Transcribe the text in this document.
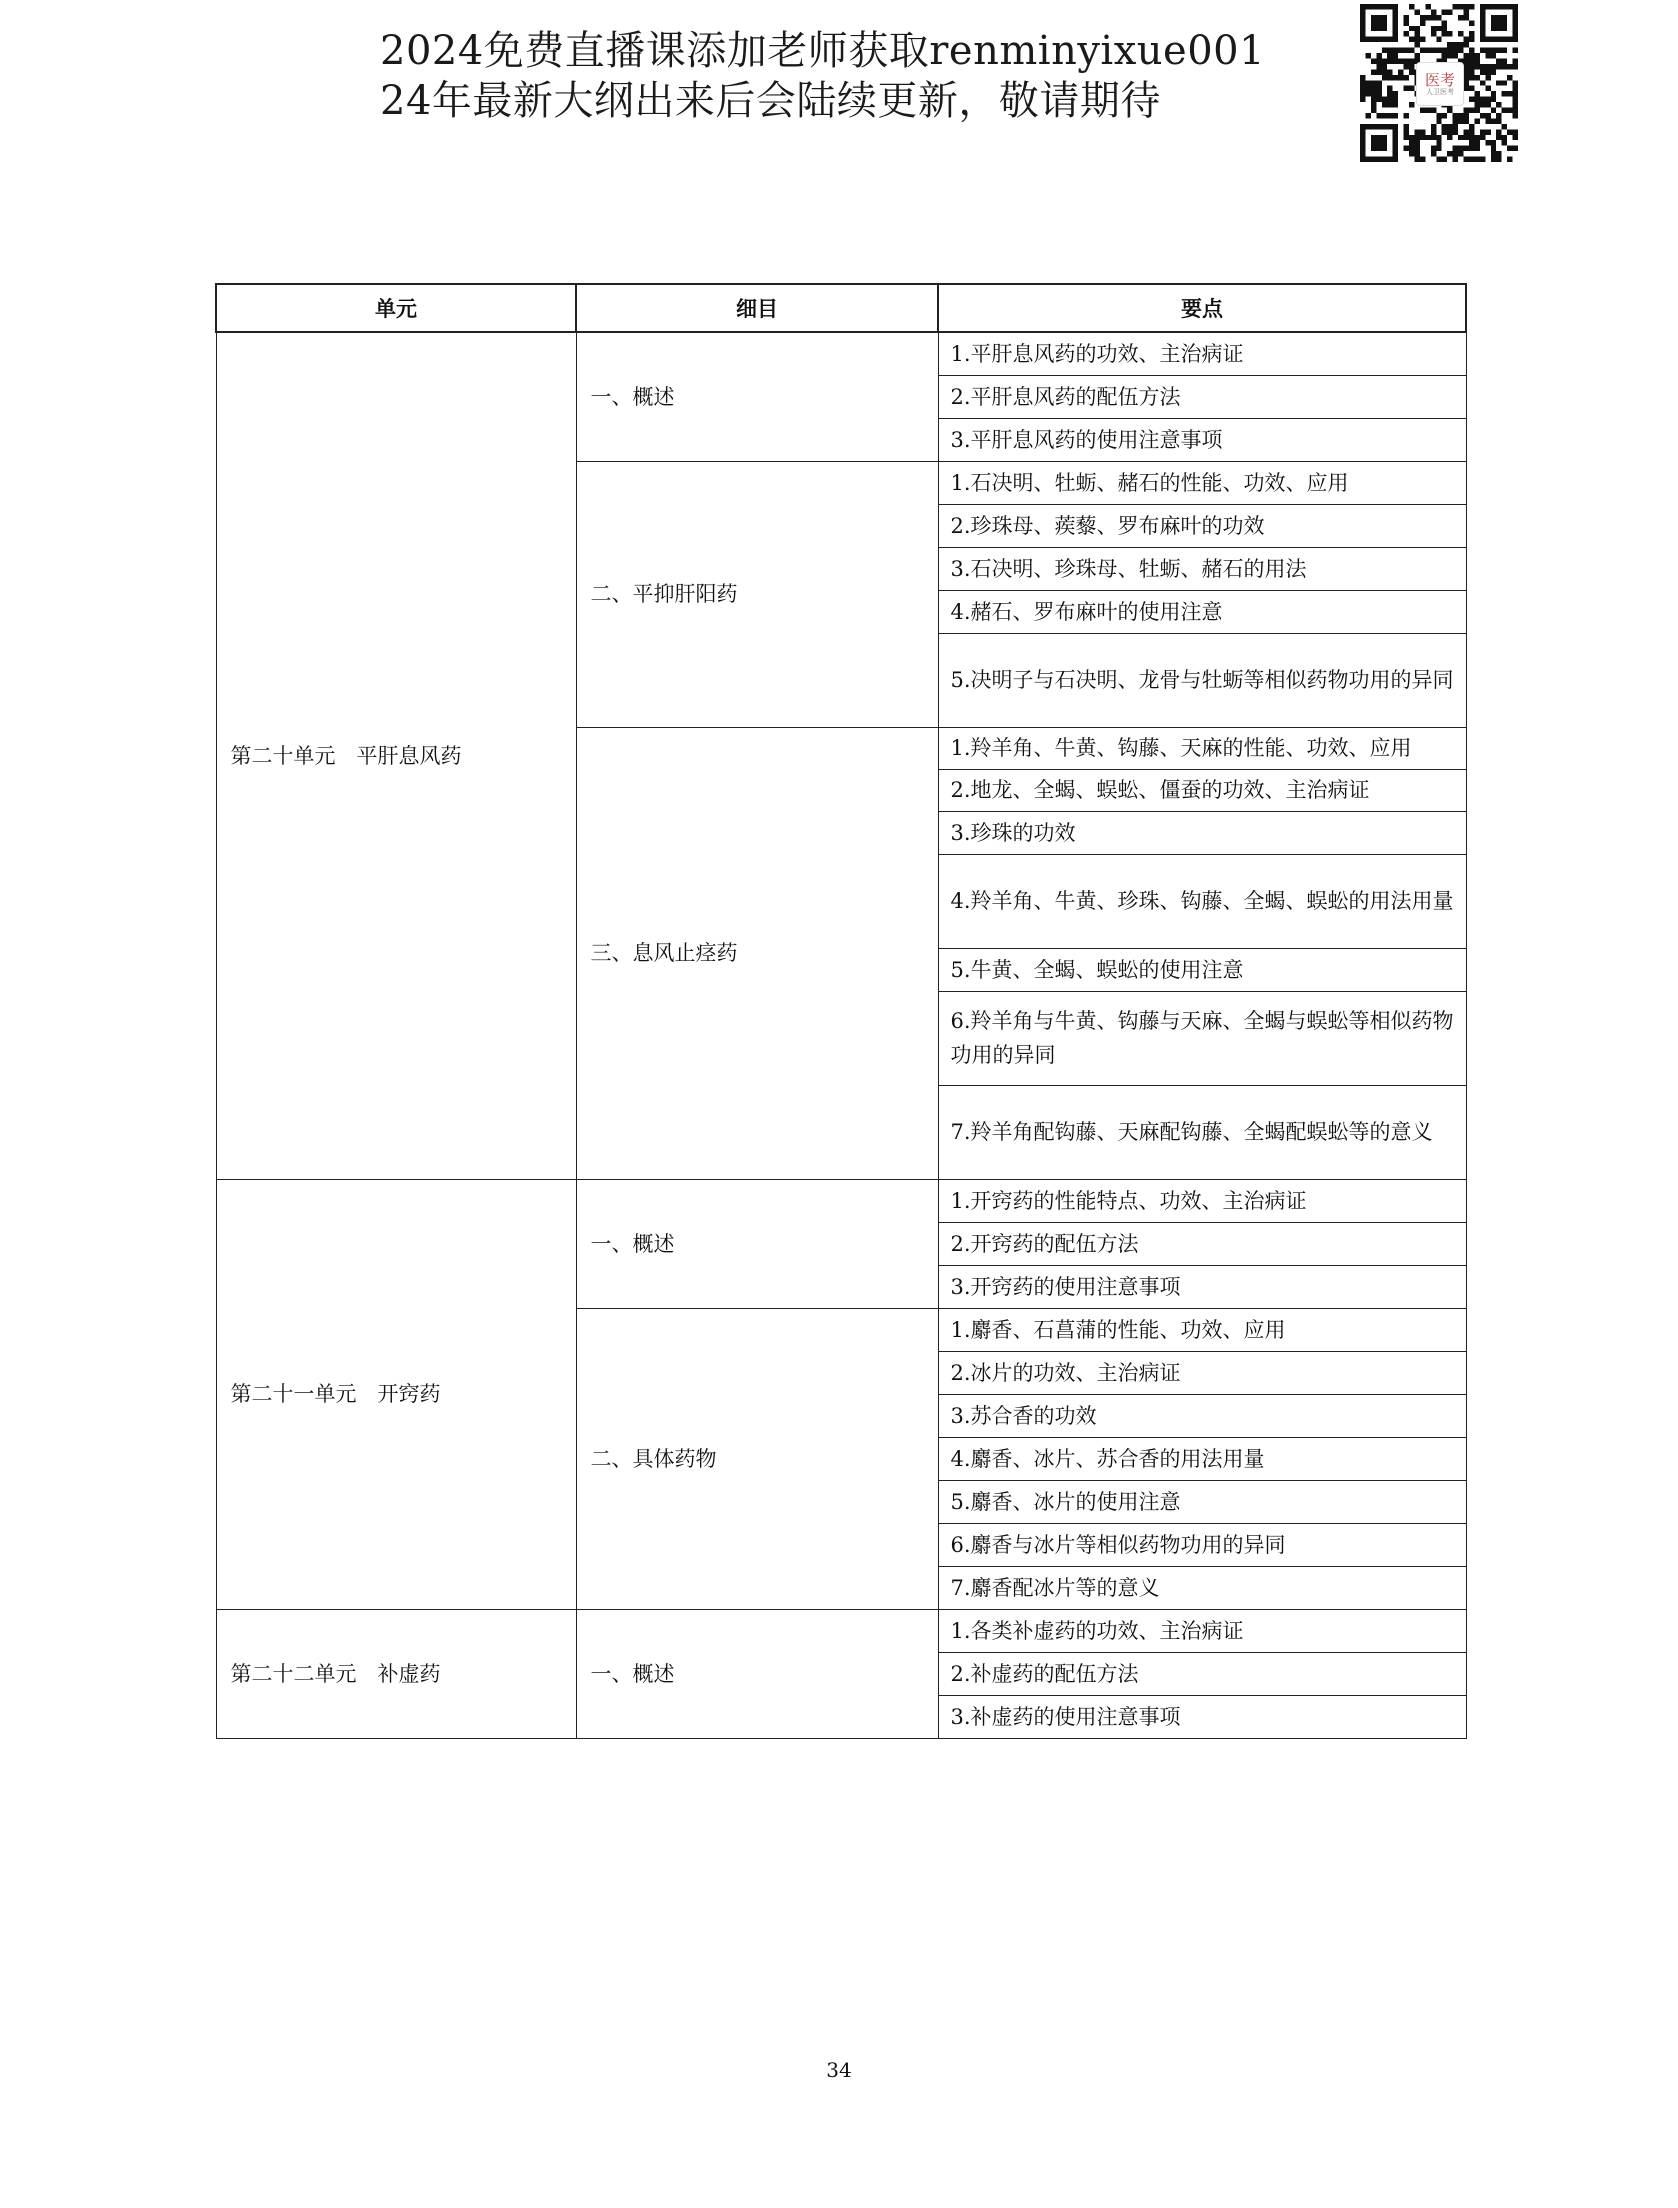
2024免费直播课添加老师获取renminyixue001
24年最新大纲出来后会陆续更新，敬请期待	医考
人卫医考
单元	细目	要点
第二十单元　平肝息风药	一、概述	1.平肝息风药的功效、主治病证
		2.平肝息风药的配伍方法
		3.平肝息风药的使用注意事项
	二、平抑肝阳药	1.石决明、牡蛎、赭石的性能、功效、应用
		2.珍珠母、蒺藜、罗布麻叶的功效
		3.石决明、珍珠母、牡蛎、赭石的用法
		4.赭石、罗布麻叶的使用注意
		5.决明子与石决明、龙骨与牡蛎等相似药物功用的异同
	三、息风止痉药	1.羚羊角、牛黄、钩藤、天麻的性能、功效、应用
		2.地龙、全蝎、蜈蚣、僵蚕的功效、主治病证
		3.珍珠的功效
		4.羚羊角、牛黄、珍珠、钩藤、全蝎、蜈蚣的用法用量
		5.牛黄、全蝎、蜈蚣的使用注意
		6.羚羊角与牛黄、钩藤与天麻、全蝎与蜈蚣等相似药物功用的异同
		7.羚羊角配钩藤、天麻配钩藤、全蝎配蜈蚣等的意义
第二十一单元　开窍药	一、概述	1.开窍药的性能特点、功效、主治病证
		2.开窍药的配伍方法
		3.开窍药的使用注意事项
	二、具体药物	1.麝香、石菖蒲的性能、功效、应用
		2.冰片的功效、主治病证
		3.苏合香的功效
		4.麝香、冰片、苏合香的用法用量
		5.麝香、冰片的使用注意
		6.麝香与冰片等相似药物功用的异同
		7.麝香配冰片等的意义
第二十二单元　补虚药	一、概述	1.各类补虚药的功效、主治病证
		2.补虚药的配伍方法
		3.补虚药的使用注意事项
34
